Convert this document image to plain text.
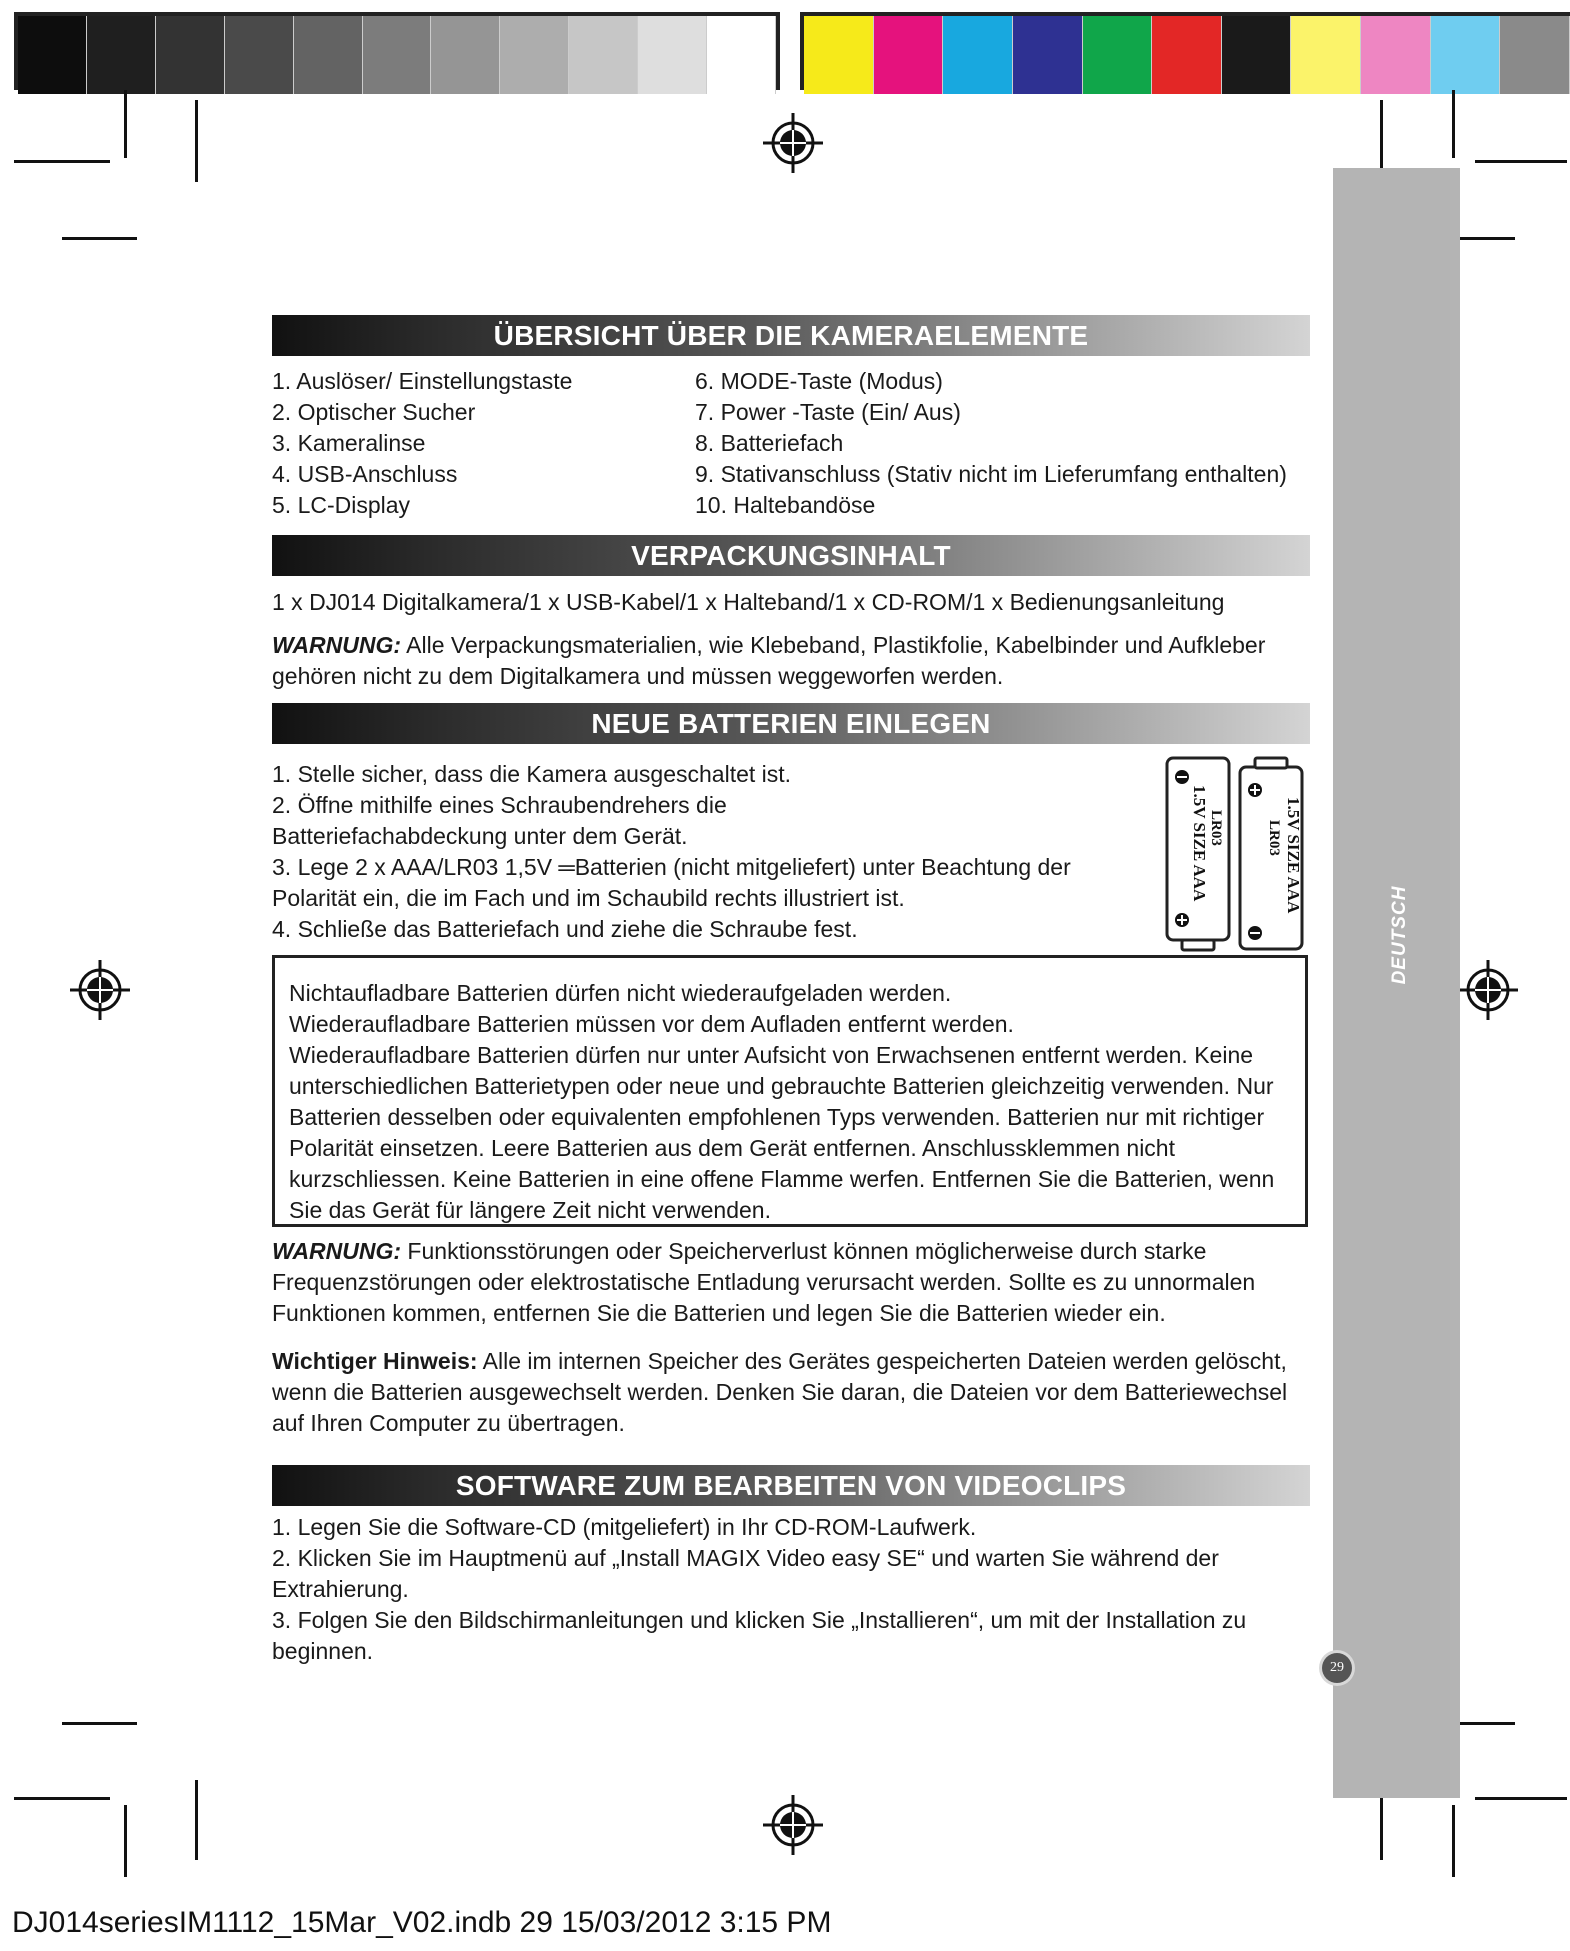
DEUTSCH
29
ÜBERSICHT ÜBER DIE KAMERAELEMENTE
1. Auslöser/ Einstellungstaste
2. Optischer Sucher
3. Kameralinse
4. USB-Anschluss
5. LC-Display
6. MODE-Taste (Modus)
7. Power -Taste (Ein/ Aus)
8. Batteriefach
9. Stativanschluss (Stativ nicht im Lieferumfang enthalten)
10. Haltebandöse
VERPACKUNGSINHALT
1 x DJ014 Digitalkamera/1 x USB-Kabel/1 x Halteband/1 x CD-ROM/1 x Bedienungsanleitung
WARNUNG: Alle Verpackungsmaterialien, wie Klebeband, Plastikfolie, Kabelbinder und Aufkleber
gehören nicht zu dem Digitalkamera und müssen weggeworfen werden.
NEUE BATTERIEN EINLEGEN
1. Stelle sicher, dass die Kamera ausgeschaltet ist.
2. Öffne mithilfe eines Schraubendrehers die
Batteriefachabdeckung unter dem Gerät.
3. Lege 2 x AAA/LR03 1,5V ═Batterien (nicht mitgeliefert) unter Beachtung der
Polarität ein, die im Fach und im Schaubild rechts illustriert ist.
4. Schließe das Batteriefach und ziehe die Schraube fest.
1.5V SIZE AAA LR03	1.5V SIZE AAA
LR03
Nichtaufladbare Batterien dürfen nicht wiederaufgeladen werden.
Wiederaufladbare Batterien müssen vor dem Aufladen entfernt werden.
Wiederaufladbare Batterien dürfen nur unter Aufsicht von Erwachsenen entfernt werden. Keine
unterschiedlichen Batterietypen oder neue und gebrauchte Batterien gleichzeitig verwenden. Nur
Batterien desselben oder equivalenten empfohlenen Typs verwenden. Batterien nur mit richtiger
Polarität einsetzen. Leere Batterien aus dem Gerät entfernen. Anschlussklemmen nicht
kurzschliessen. Keine Batterien in eine offene Flamme werfen. Entfernen Sie die Batterien, wenn
Sie das Gerät für längere Zeit nicht verwenden.
WARNUNG: Funktionsstörungen oder Speicherverlust können möglicherweise durch starke
Frequenzstörungen oder elektrostatische Entladung verursacht werden. Sollte es zu unnormalen
Funktionen kommen, entfernen Sie die Batterien und legen Sie die Batterien wieder ein.
Wichtiger Hinweis: Alle im internen Speicher des Gerätes gespeicherten Dateien werden gelöscht,
wenn die Batterien ausgewechselt werden. Denken Sie daran, die Dateien vor dem Batteriewechsel
auf Ihren Computer zu übertragen.
SOFTWARE ZUM BEARBEITEN VON VIDEOCLIPS
1. Legen Sie die Software-CD (mitgeliefert) in Ihr CD-ROM-Laufwerk.
2. Klicken Sie im Hauptmenü auf „Install MAGIX Video easy SE“ und warten Sie während der
Extrahierung.
3. Folgen Sie den Bildschirmanleitungen und klicken Sie „Installieren“, um mit der Installation zu
beginnen.
DJ014seriesIM1112_15Mar_V02.indb 29 15/03/2012 3:15 PM
